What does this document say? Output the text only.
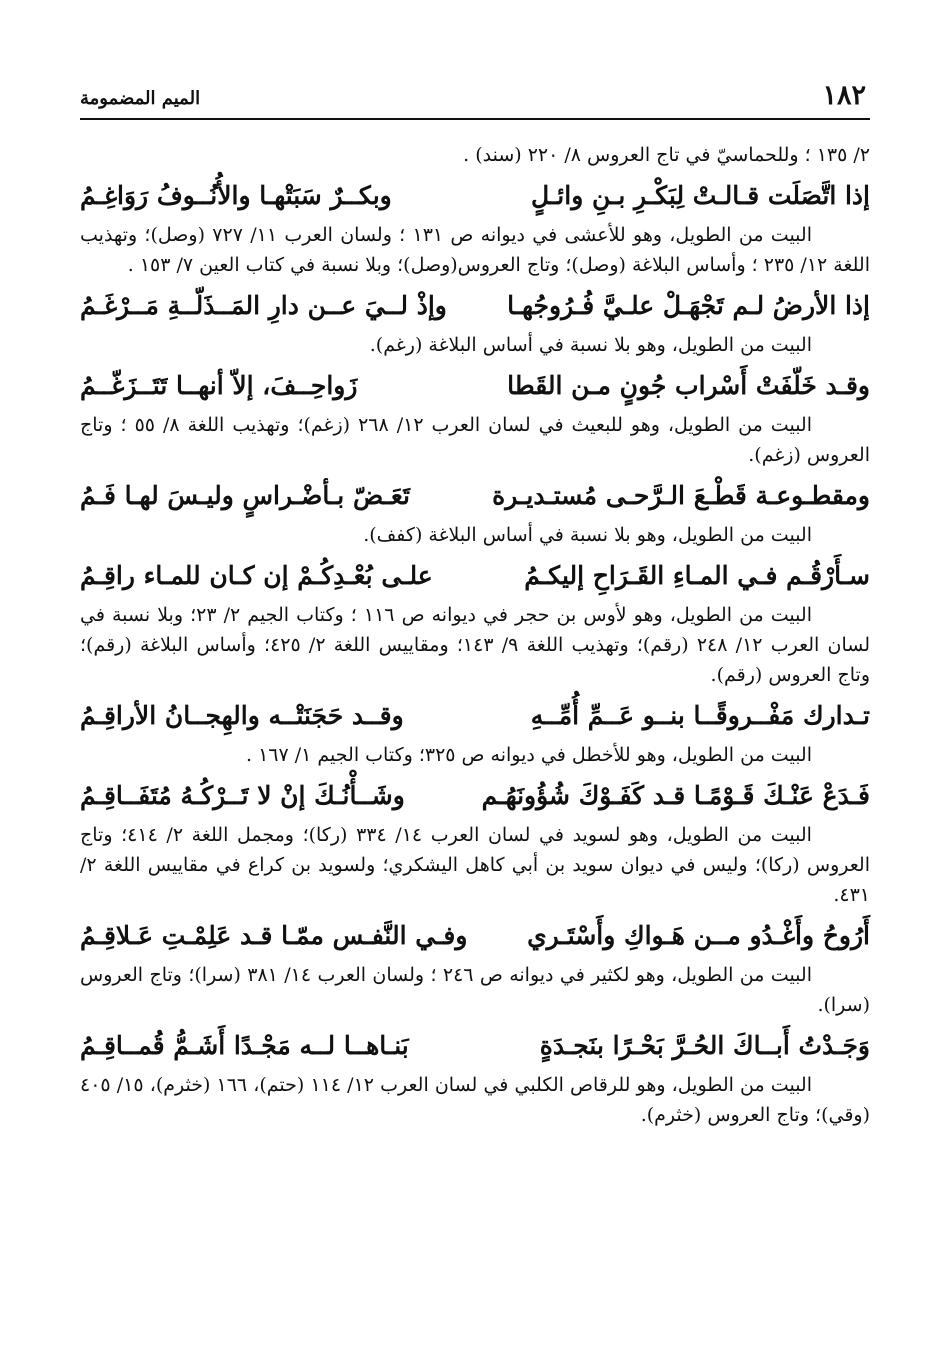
١٨٢
الميم المضمومة

٢/ ١٣٥ ؛ وللحماسيّ في تاج العروس ٨/ ٢٢٠ (سند) .

إذا اتَّصَلَت قـالـتْ لِبَكْـرِ بـنِ وائـلٍ
وبكــرٌ سَبَتْهـا والأُنُــوفُ رَوَاغِـمُ

البيت من الطويل، وهو للأعشى في ديوانه ص ١٣١ ؛ ولسان العرب ١١/ ٧٢٧ (وصل)؛ وتهذيب اللغة ١٢/ ٢٣٥ ؛ وأساس البلاغة (وصل)؛ وتاج العروس(وصل)؛ وبلا نسبة في كتاب العين ٧/ ١٥٣ .

إذا الأرضُ لـم تَجْهَـلْ علـيَّ فُـرُوجُهـا
وإذْ لــيَ عــن دارِ المَــذَلّــةِ مَــرْغَـمُ

البيت من الطويل، وهو بلا نسبة في أساس البلاغة (رغم).

وقـد خَلّفَتْ أَسْراب جُونٍ مـن القَطا
زَواحِــفَ، إلاّ أنهــا تَتَــزَغّــمُ

البيت من الطويل، وهو للبعيث في لسان العرب ١٢/ ٢٦٨ (زغم)؛ وتهذيب اللغة ٨/ ٥٥ ؛ وتاج العروس (زغم).

ومقطـوعـة قَطْـعَ الـرَّحـى مُستـديـرة
تَعَـضّ بـأضْـراسٍ وليـسَ لهـا فَـمُ

البيت من الطويل، وهو بلا نسبة في أساس البلاغة (كفف).

سـأَرْقُـم فـي المـاءِ القَـرَاحِ إليكـمُ
علـى بُعْـدِكُـمْ إن كـان للمـاء راقِـمُ

البيت من الطويل، وهو لأوس بن حجر في ديوانه ص ١١٦ ؛ وكتاب الجيم ٢/ ٢٣؛ وبلا نسبة في لسان العرب ١٢/ ٢٤٨ (رقم)؛ وتهذيب اللغة ٩/ ١٤٣؛ ومقاييس اللغة ٢/ ٤٢٥؛ وأساس البلاغة (رقم)؛ وتاج العروس (رقم).

تـدارك مَفْــروقًــا بنــو عَــمِّ أُمِّــهِ
وقــد حَجَنَتْــه والهِجــانُ الأراقِـمُ

البيت من الطويل، وهو للأخطل في ديوانه ص ٣٢٥؛ وكتاب الجيم ١/ ١٦٧ .

فَـدَعْ عَنْـكَ قَـوْمًـا قـد كَفَـوْكَ شُؤُونَهُـم
وشَــأْنُـكَ إنْ لا تَــرْكُـهُ مُتَفَــاقِـمُ

البيت من الطويل، وهو لسويد في لسان العرب ١٤/ ٣٣٤ (ركا)؛ ومجمل اللغة ٢/ ٤١٤؛ وتاج العروس (ركا)؛ وليس في ديوان سويد بن أبي كاهل اليشكري؛ ولسويد بن كراع في مقاييس اللغة ٢/ ٤٣١.

أَرُوحُ وأَغْـدُو مــن هَـواكِ وأَسْتَـري
وفـي النَّفـس ممّـا قـد عَلِمْـتِ عَـلاقِـمُ

البيت من الطويل، وهو لكثير في ديوانه ص ٢٤٦ ؛ ولسان العرب ١٤/ ٣٨١ (سرا)؛ وتاج العروس (سرا).

وَجَـدْتُ أَبــاكَ الحُـرَّ بَحْـرًا بنَجـدَةٍ
بَنـاهــا لــه مَجْـدًا أَشَـمُّ قُمــاقِـمُ

البيت من الطويل، وهو للرقاص الكلبي في لسان العرب ١٢/ ١١٤ (حتم)، ١٦٦ (خثرم)، ١٥/ ٤٠٥ (وقي)؛ وتاج العروس (خثرم).
